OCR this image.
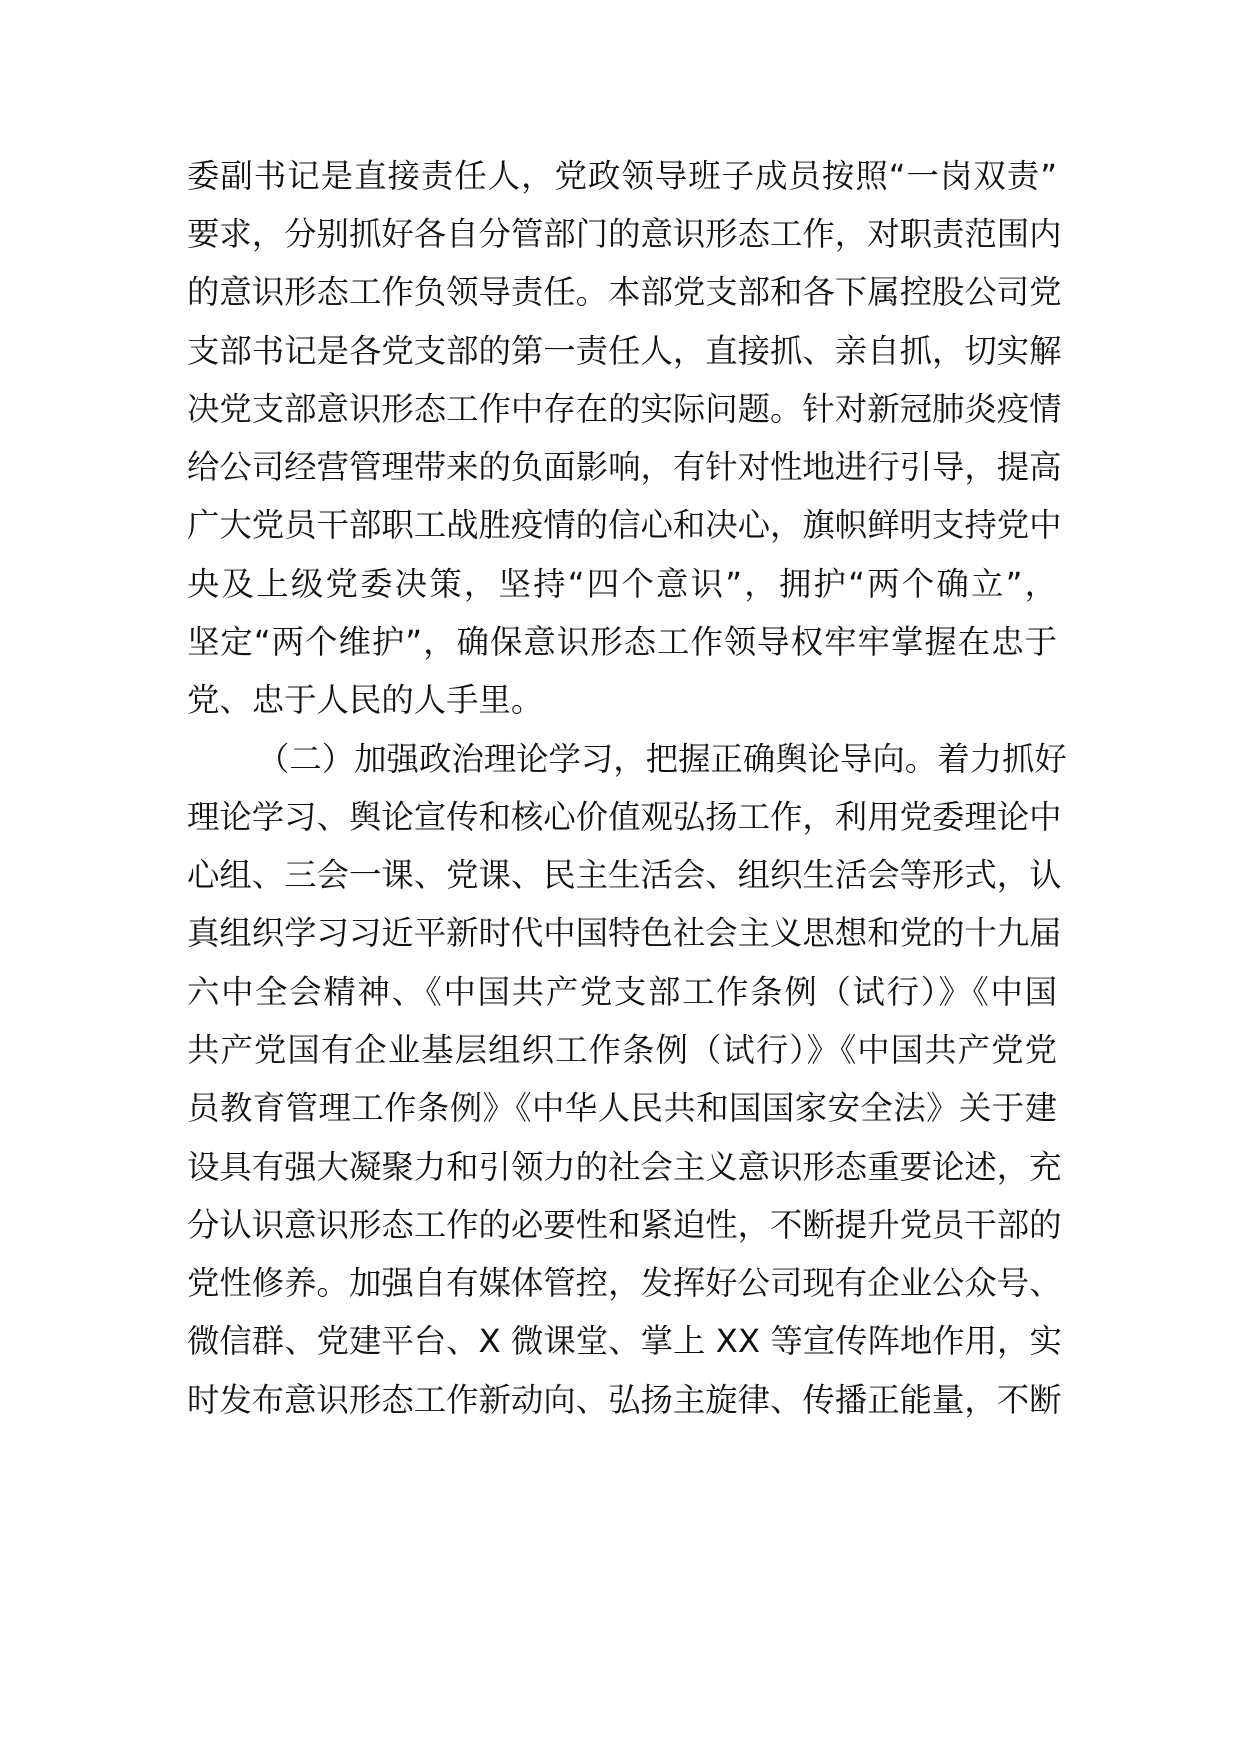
委副书记是直接责任人，党政领导班子成员按照“一岗双责”
要求，分别抓好各自分管部门的意识形态工作，对职责范围内
的意识形态工作负领导责任。本部党支部和各下属控股公司党
支部书记是各党支部的第一责任人，直接抓、亲自抓，切实解
决党支部意识形态工作中存在的实际问题。针对新冠肺炎疫情
给公司经营管理带来的负面影响，有针对性地进行引导，提高
广大党员干部职工战胜疫情的信心和决心，旗帜鲜明支持党中
央及上级党委决策，坚持“四个意识”，拥护“两个确立”，
坚定“两个维护”，确保意识形态工作领导权牢牢掌握在忠于
党、忠于人民的人手里。
（二）加强政治理论学习，把握正确舆论导向。着力抓好
理论学习、舆论宣传和核心价值观弘扬工作，利用党委理论中
心组、三会一课、党课、民主生活会、组织生活会等形式，认
真组织学习习近平新时代中国特色社会主义思想和党的十九届
六中全会精神、《中国共产党支部工作条例（试行）》《中国
共产党国有企业基层组织工作条例（试行）》《中国共产党党
员教育管理工作条例》《中华人民共和国国家安全法》关于建
设具有强大凝聚力和引领力的社会主义意识形态重要论述，充
分认识意识形态工作的必要性和紧迫性，不断提升党员干部的
党性修养。加强自有媒体管控，发挥好公司现有企业公众号、
微信群、党建平台、X 微课堂、掌上 XX 等宣传阵地作用，实
时发布意识形态工作新动向、弘扬主旋律、传播正能量，不断
